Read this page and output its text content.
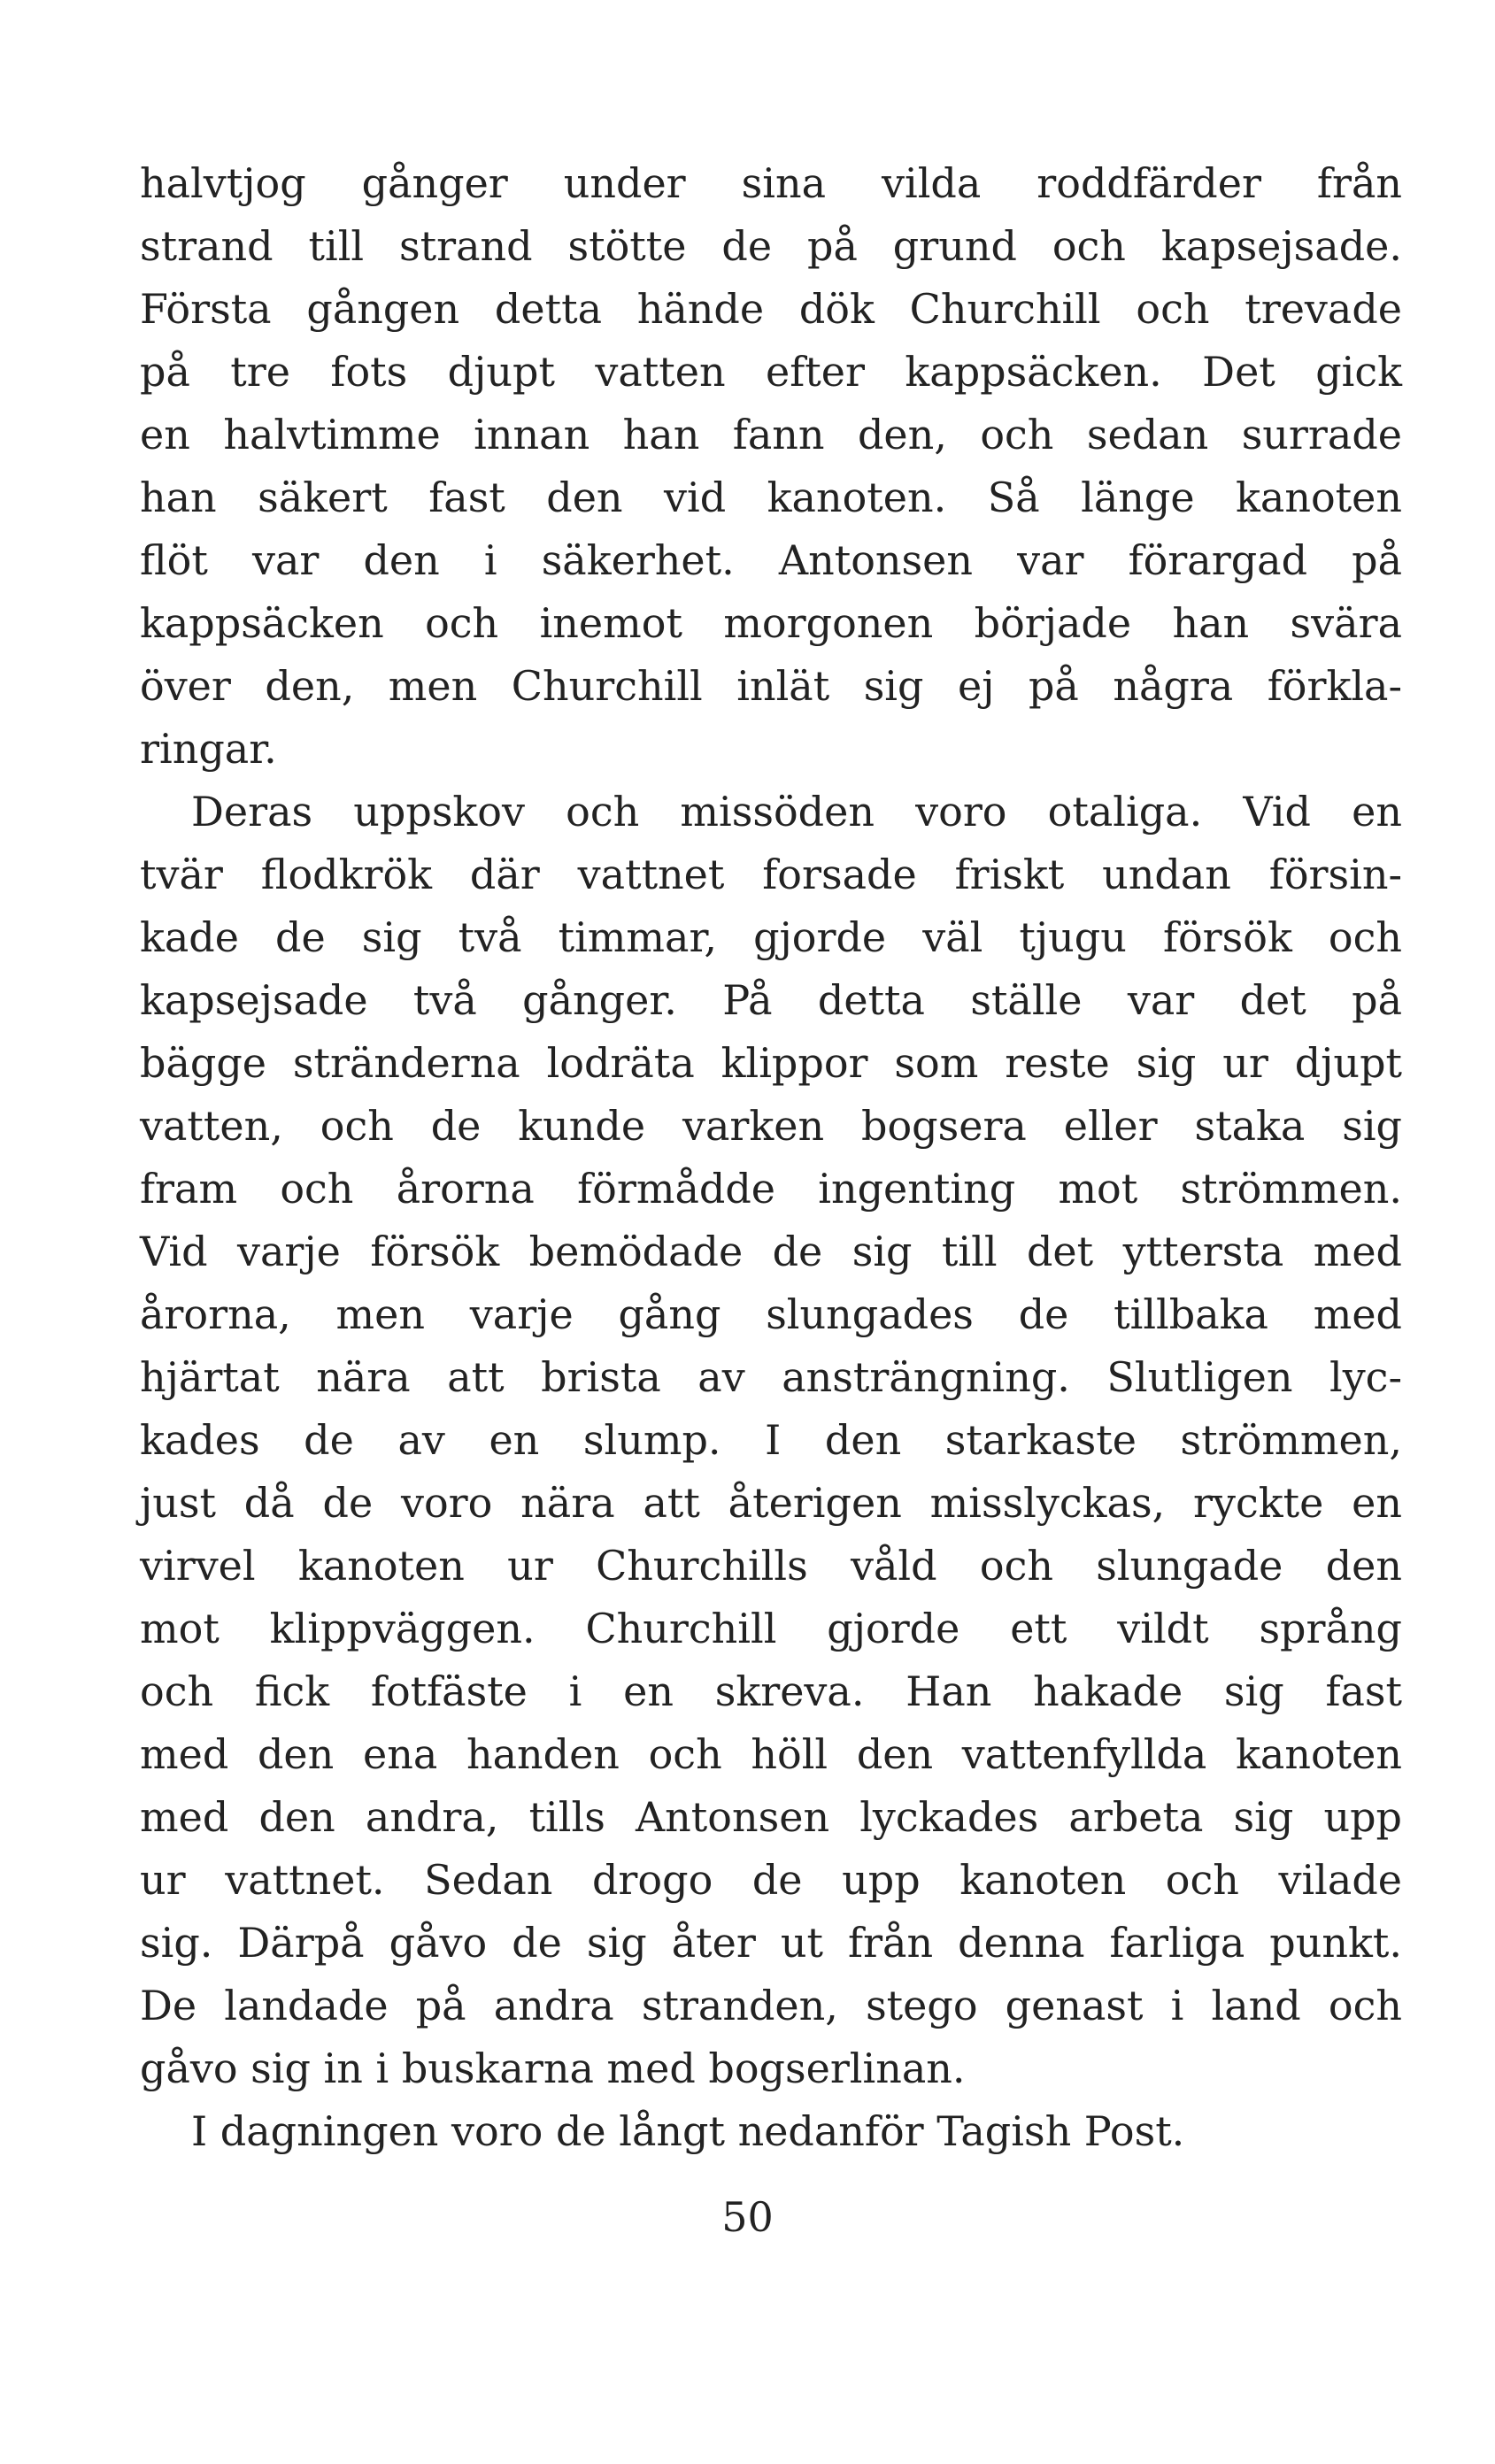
halvtjog gånger under sina vilda roddfärder från
strand till strand stötte de på grund och kapsejsade.
Första gången detta hände dök Churchill och trevade
på tre fots djupt vatten efter kappsäcken. Det gick
en halvtimme innan han fann den, och sedan surrade
han säkert fast den vid kanoten. Så länge kanoten
flöt var den i säkerhet. Antonsen var förargad på
kappsäcken och inemot morgonen började han svära
över den, men Churchill inlät sig ej på några förkla-
ringar.
Deras uppskov och missöden voro otaliga. Vid en
tvär flodkrök där vattnet forsade friskt undan försin-
kade de sig två timmar, gjorde väl tjugu försök och
kapsejsade två gånger. På detta ställe var det på
bägge stränderna lodräta klippor som reste sig ur djupt
vatten, och de kunde varken bogsera eller staka sig
fram och årorna förmådde ingenting mot strömmen.
Vid varje försök bemödade de sig till det yttersta med
årorna, men varje gång slungades de tillbaka med
hjärtat nära att brista av ansträngning. Slutligen lyc-
kades de av en slump. I den starkaste strömmen,
just då de voro nära att återigen misslyckas, ryckte en
virvel kanoten ur Churchills våld och slungade den
mot klippväggen. Churchill gjorde ett vildt språng
och fick fotfäste i en skreva. Han hakade sig fast
med den ena handen och höll den vattenfyllda kanoten
med den andra, tills Antonsen lyckades arbeta sig upp
ur vattnet. Sedan drogo de upp kanoten och vilade
sig. Därpå gåvo de sig åter ut från denna farliga punkt.
De landade på andra stranden, stego genast i land och
gåvo sig in i buskarna med bogserlinan.
I dagningen voro de långt nedanför Tagish Post.
50
